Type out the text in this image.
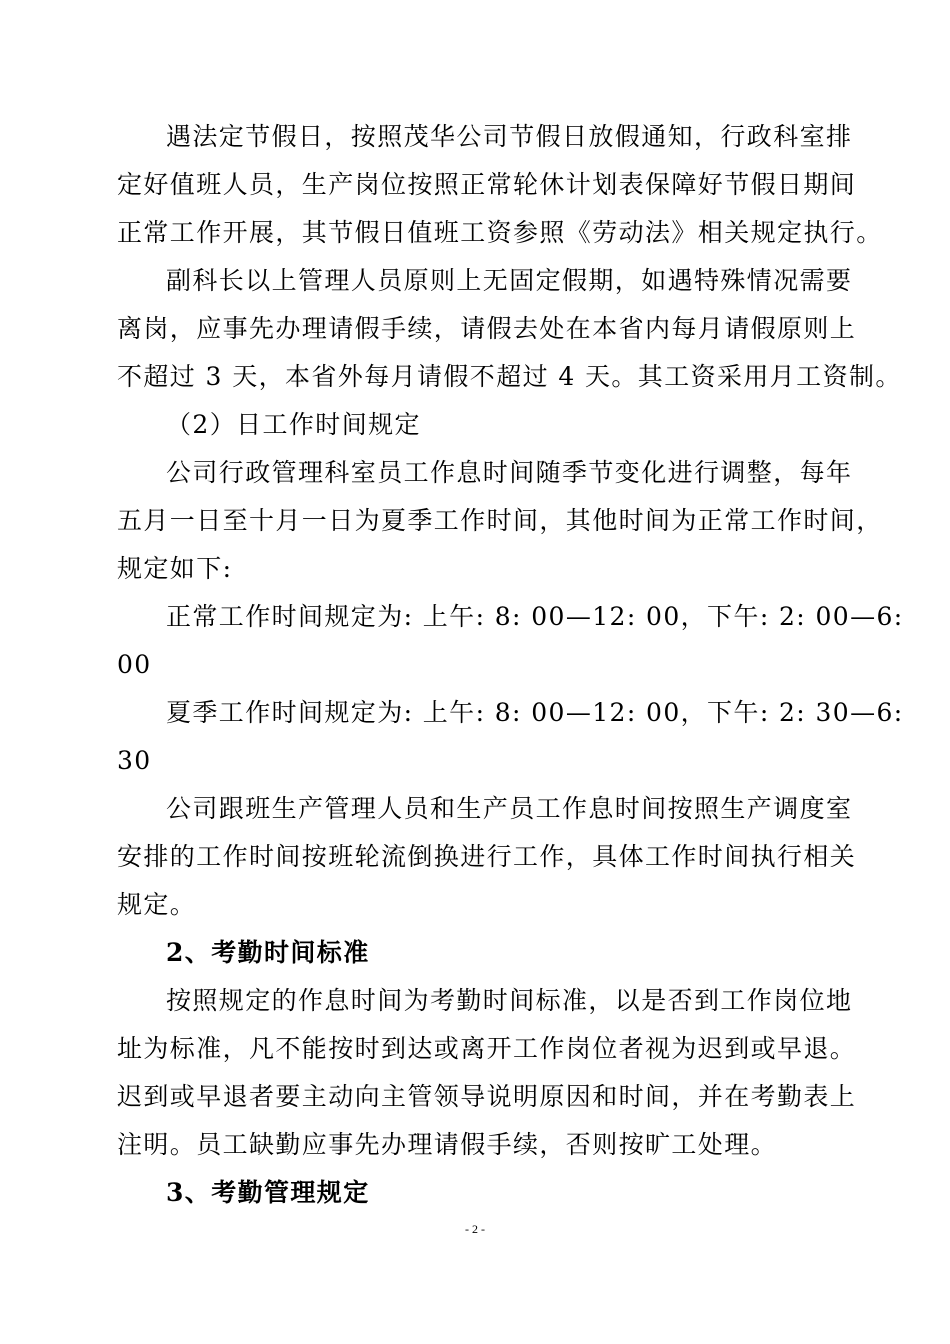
遇法定节假日，按照茂华公司节假日放假通知，行政科室排
定好值班人员，生产岗位按照正常轮休计划表保障好节假日期间
正常工作开展，其节假日值班工资参照《劳动法》相关规定执行。
副科长以上管理人员原则上无固定假期，如遇特殊情况需要
离岗，应事先办理请假手续，请假去处在本省内每月请假原则上
不超过 3 天，本省外每月请假不超过 4 天。其工资采用月工资制。
（2）日工作时间规定
公司行政管理科室员工作息时间随季节变化进行调整，每年
五月一日至十月一日为夏季工作时间，其他时间为正常工作时间，
规定如下:
正常工作时间规定为: 上午: 8: 00—12: 00，下午: 2: 00—6:
00
夏季工作时间规定为: 上午: 8: 00—12: 00，下午: 2: 30—6:
30
公司跟班生产管理人员和生产员工作息时间按照生产调度室
安排的工作时间按班轮流倒换进行工作，具体工作时间执行相关
规定。
2、考勤时间标准
按照规定的作息时间为考勤时间标准，以是否到工作岗位地
址为标准，凡不能按时到达或离开工作岗位者视为迟到或早退。
迟到或早退者要主动向主管领导说明原因和时间，并在考勤表上
注明。员工缺勤应事先办理请假手续，否则按旷工处理。
3、考勤管理规定
- 2 -
